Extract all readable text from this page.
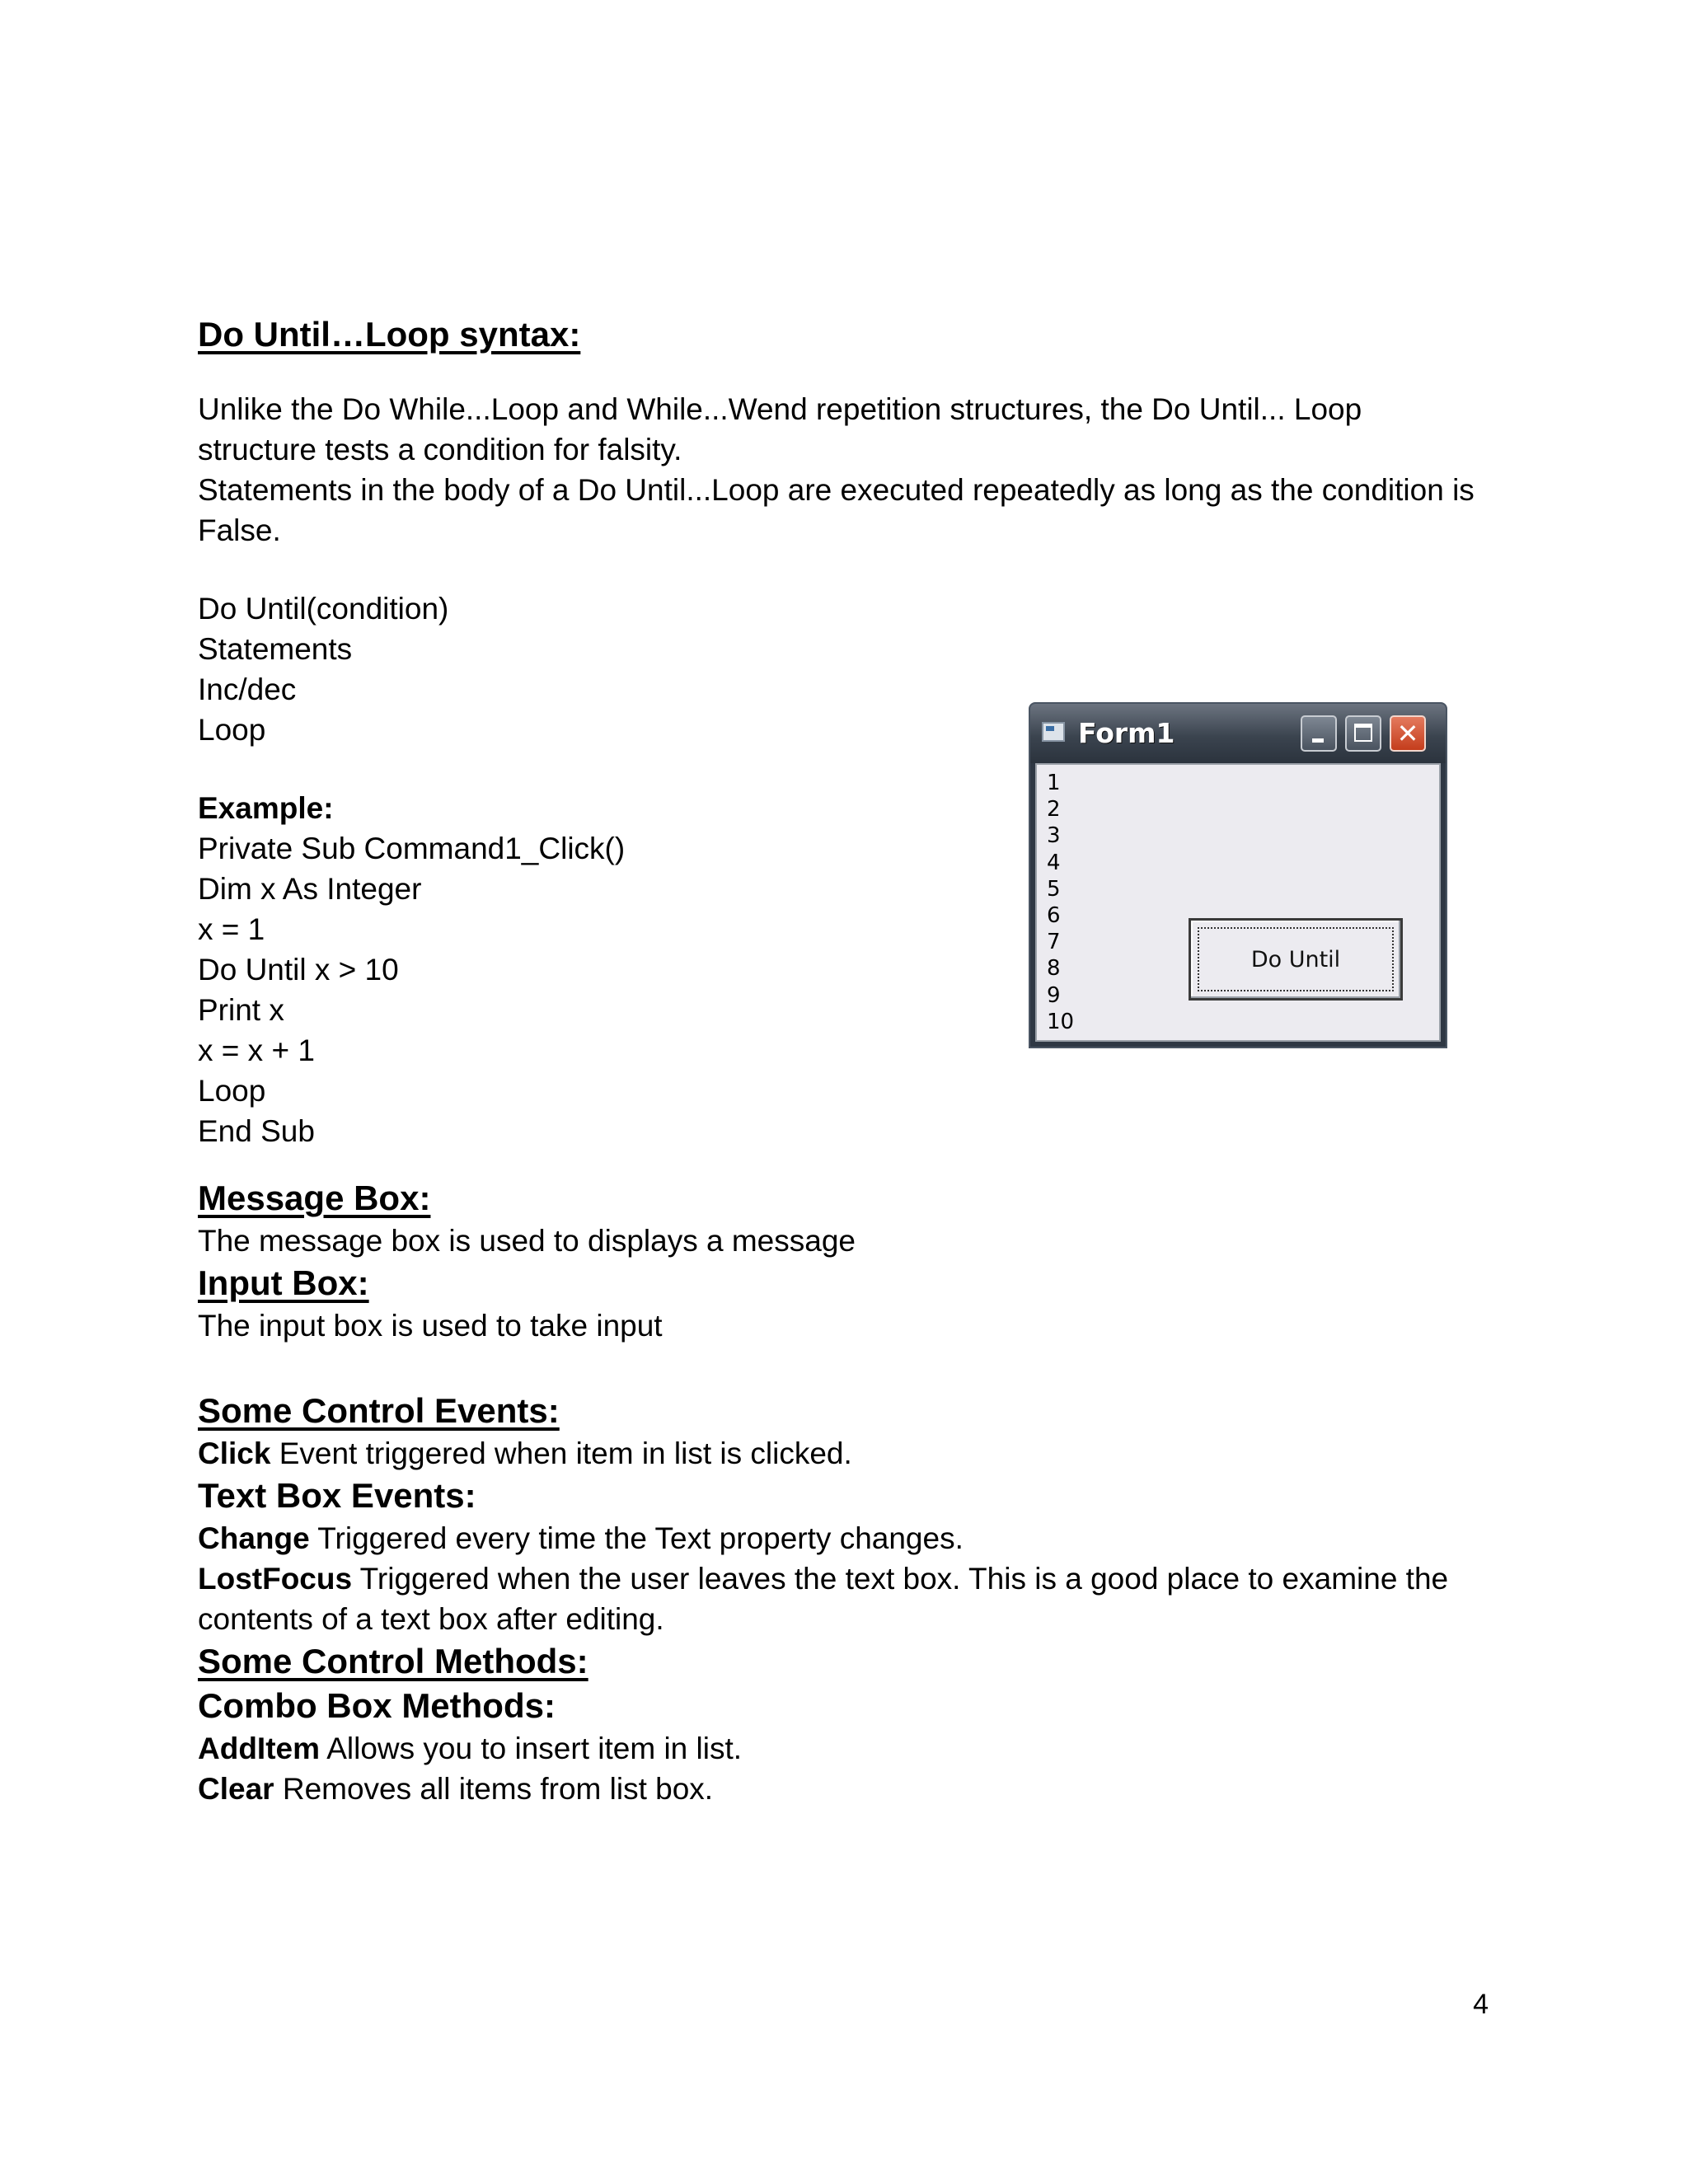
Do Until…Loop syntax:

Unlike the Do While...Loop and While...Wend repetition structures, the Do Until... Loop structure tests a condition for falsity.

Statements in the body of a Do Until...Loop are executed repeatedly as long as the condition is False.

Do Until(condition)
Statements
Inc/dec
Loop
Example:
Private Sub Command1_Click()
Dim x As Integer
x = 1
Do Until x > 10
Print x
x = x + 1
Loop
End Sub
Message Box:

The message box is used to displays a message

Input Box:

The input box is used to take input

Some Control Events:

Click Event triggered when item in list is clicked.

Text Box Events:

Change Triggered every time the Text property changes.

LostFocus Triggered when the user leaves the text box. This is a good place to examine the contents of a text box after editing.

Some Control Methods:
Combo Box Methods:

AddItem Allows you to insert item in list.

Clear Removes all items from list box.

Form1	✕
1
2
3
4
5
6
7
8
9
10
Do Until
4
